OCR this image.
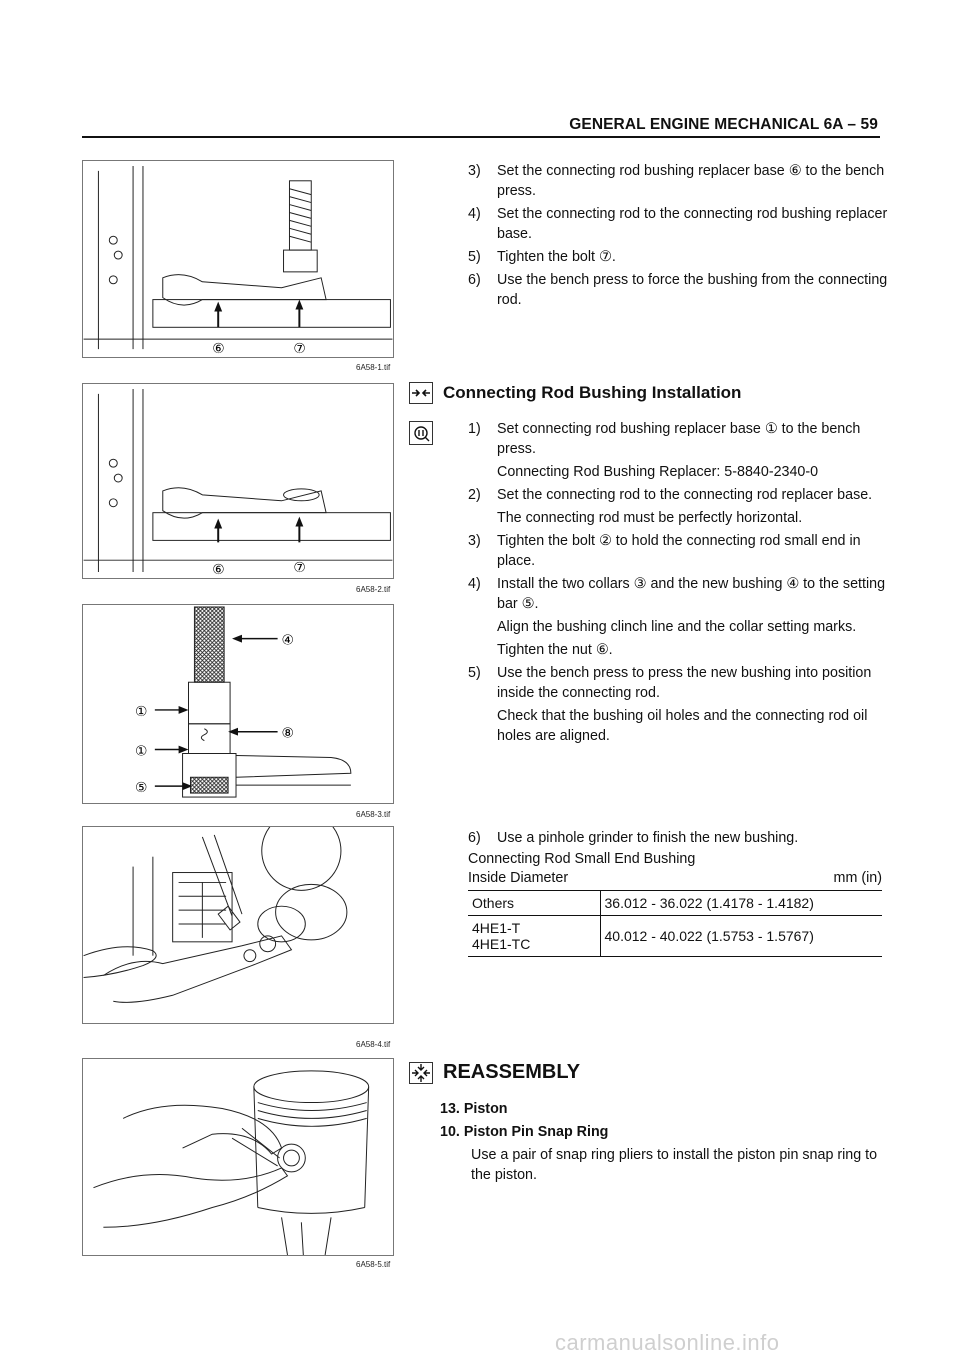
GENERAL ENGINE MECHANICAL 6A – 59
⑥	⑦
6A58-1.tif
⑥	⑦
6A58-2.tif
④
①
⑧
①
⑤
6A58-3.tif
6A58-4.tif
6A58-5.tif
3) Set the connecting rod bushing replacer base ⑥ to the bench press.
4) Set the connecting rod to the connecting rod bushing replacer base.
5) Tighten the bolt ⑦.
6) Use the bench press to force the bushing from the connecting rod.
Connecting Rod Bushing Installation
1) Set connecting rod bushing replacer base ① to the bench press.
Connecting Rod Bushing Replacer: 5-8840-2340-0
2) Set the connecting rod to the connecting rod replacer base.
The connecting rod must be perfectly horizontal.
3) Tighten the bolt ② to hold the connecting rod small end in place.
4) Install the two collars ③ and the new bushing ④ to the setting bar ⑤.
Align the bushing clinch line and the collar setting marks.
Tighten the nut ⑥.
5) Use the bench press to press the new bushing into position inside the connecting rod.
Check that the bushing oil holes and the connecting rod oil holes are aligned.
6) Use a pinhole grinder to finish the new bushing.
Connecting Rod Small End Bushing
Inside Diameter	mm (in)
Others	36.012 - 36.022 (1.4178 - 1.4182)

4HE1-T
4HE1-TC	40.012 - 40.022 (1.5753 - 1.5767)
REASSEMBLY
13. Piston
10. Piston Pin Snap Ring
Use a pair of snap ring pliers to install the piston pin snap ring to the piston.
carmanualsonline.info
